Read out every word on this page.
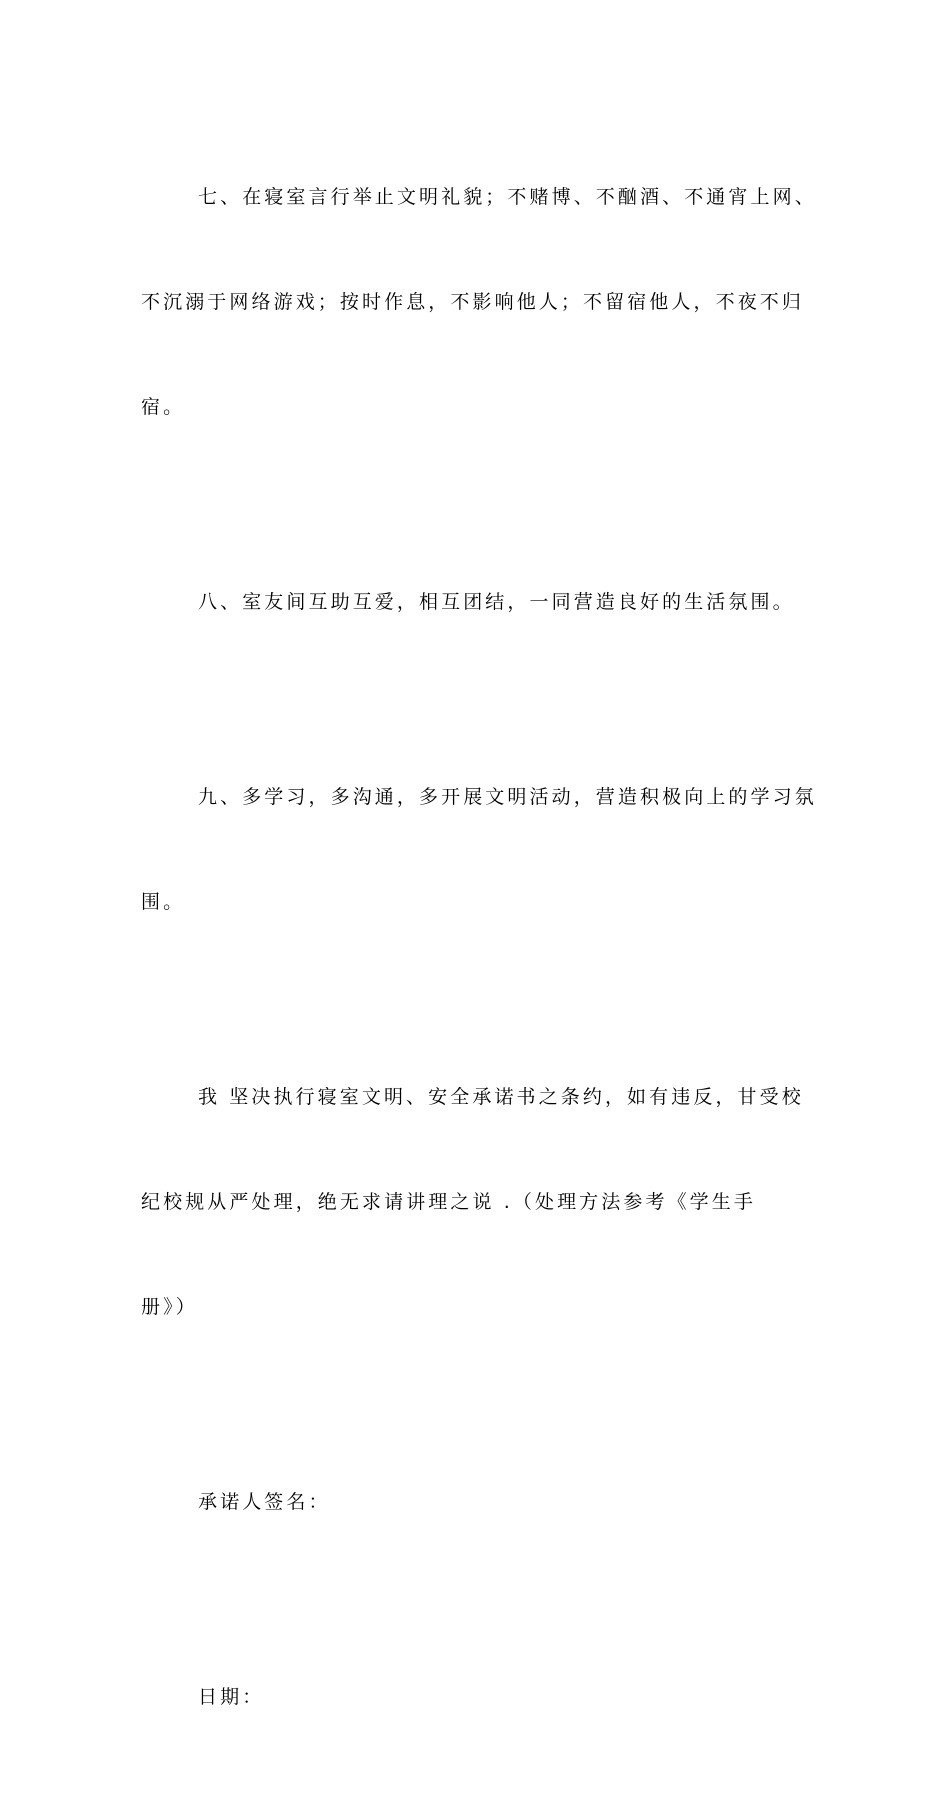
七、在寝室言行举止文明礼貌；不赌博、不酗酒、不通宵上网、

不沉溺于网络游戏；按时作息，不影响他人；不留宿他人，不夜不归

宿。

八、室友间互助互爱，相互团结，一同营造良好的生活氛围。

九、多学习，多沟通，多开展文明活动，营造积极向上的学习氛

围。

我 坚决执行寝室文明、安全承诺书之条约，如有违反，甘受校

纪校规从严处理，绝无求请讲理之说 .（处理方法参考《学生手

册》）

承诺人签名：

日期：
